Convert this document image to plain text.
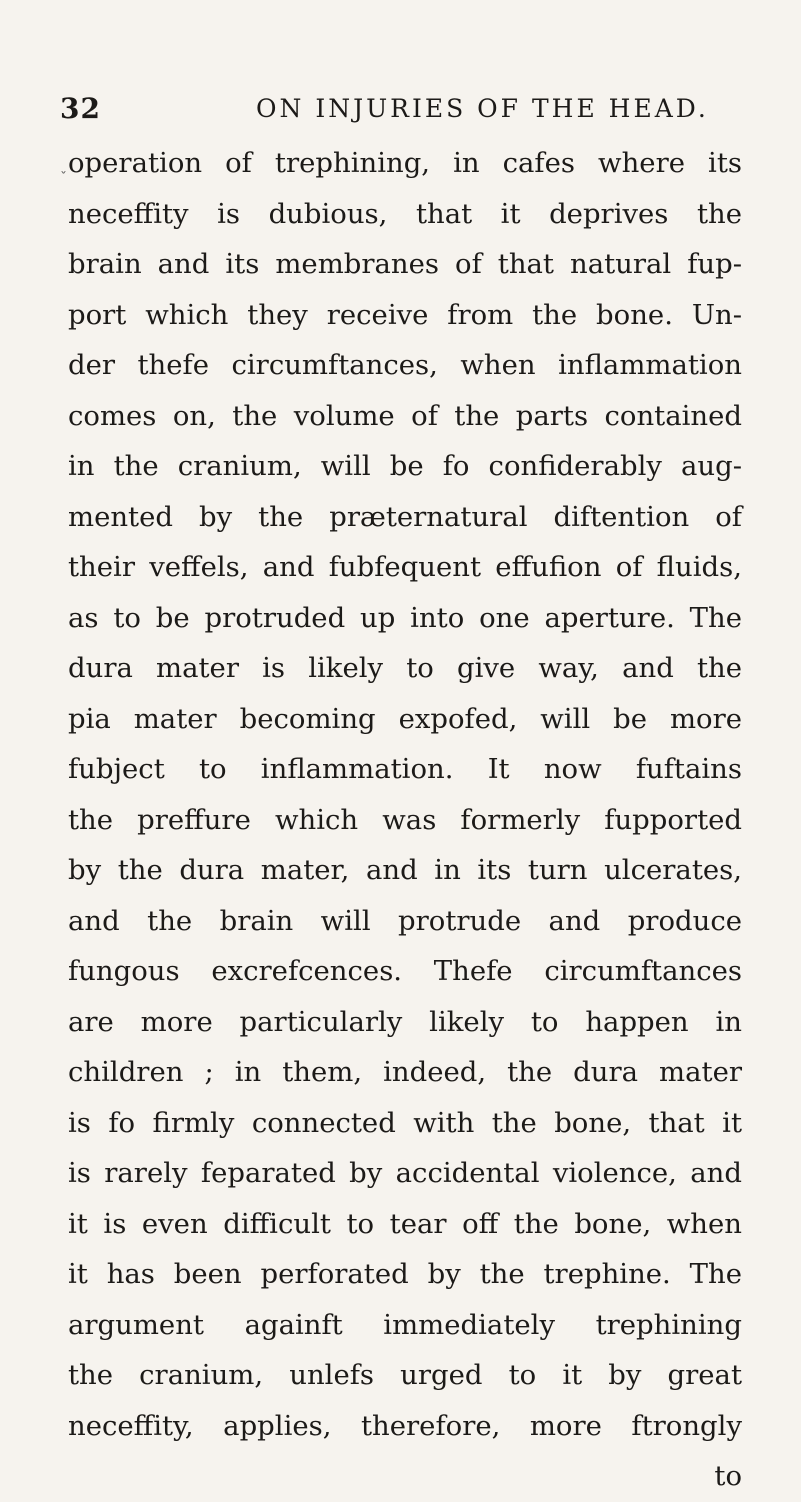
32	ON INJURIES OF THE HEAD.
˯ operation of trephining, in cafes where its
neceffity is dubious, that it deprives the
brain and its membranes of that natural fup-
port which they receive from the bone. Un-
der thefe circumftances, when inflammation
comes on, the volume of the parts contained
in the cranium, will be fo confiderably aug-
mented by the præternatural diftention of
their veffels, and fubfequent effufion of fluids,
as to be protruded up into one aperture. The
dura mater is likely to give way, and the
pia mater becoming expofed, will be more
fubject to inflammation. It now fuftains
the preffure which was formerly fupported
by the dura mater, and in its turn ulcerates,
and the brain will protrude and produce
fungous excrefcences. Thefe circumftances
are more particularly likely to happen in
children ; in them, indeed, the dura mater
is fo firmly connected with the bone, that it
is rarely feparated by accidental violence, and
it is even difficult to tear off the bone, when
it has been perforated by the trephine. The
argument againft immediately trephining
the cranium, unlefs urged to it by great
neceffity, applies, therefore, more ftrongly
to
